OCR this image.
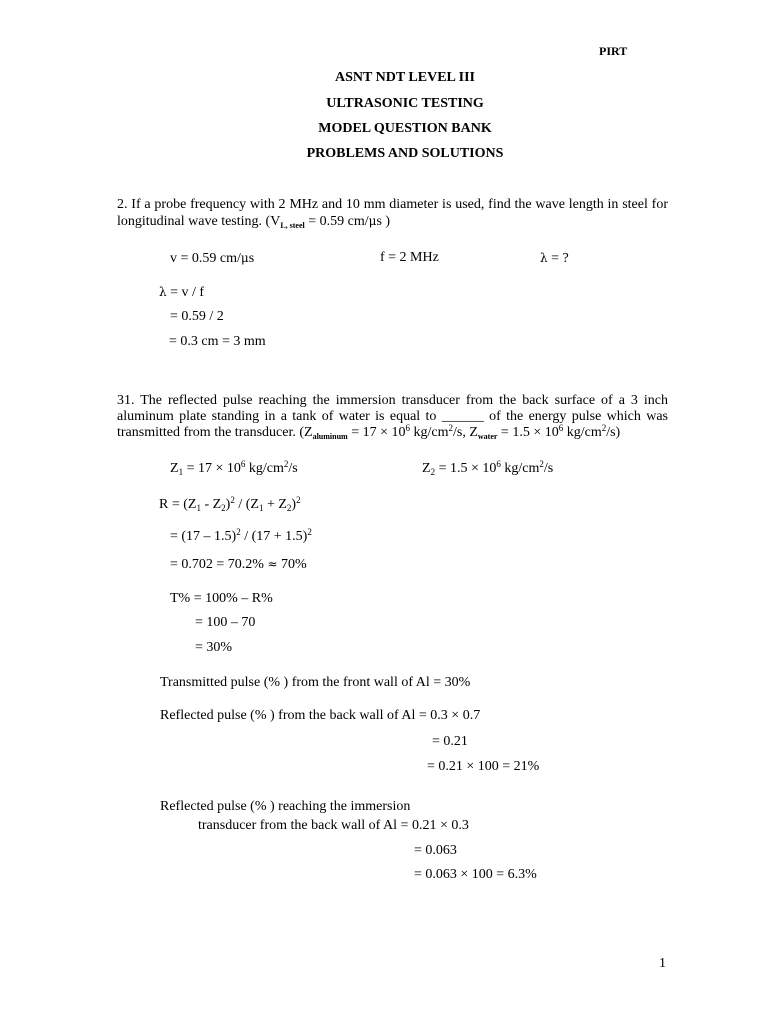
PIRT
ASNT NDT LEVEL III
ULTRASONIC TESTING
MODEL QUESTION BANK
PROBLEMS AND SOLUTIONS
2. If a probe frequency with 2 MHz and 10 mm diameter is used, find the wave length in steel for longitudinal wave testing. ($V_{L, steel} = 0.59$ cm/μs )
v = 0.59 cm/μs	f = 2 MHz	λ = ?
λ = v / f
= 0.59 / 2
= 0.3 cm = 3 mm
31. The reflected pulse reaching the immersion transducer from the back surface of a 3 inch aluminum plate standing in a tank of water is equal to ______ of the energy pulse which was transmitted from the transducer. ($Z_{aluminum} = 17 \times 10^6$ $kg/cm^2/s$, $Z_{water} = 1.5 \times 10^6$ $kg/cm^2/s$)
$Z_1 = 17 \times 10^6$ $kg/cm^2/s$	$Z_2 = 1.5 \times 10^6$ $kg/cm^2/s$
$R = (Z_1 - Z_2)^2 / (Z_1 + Z_2)^2$
= $(17 - 1.5)^2 / (17 + 1.5)^2$
= 0.702 = 70.2% ≈ 70%
T% = 100% – R%
= 100 – 70
= 30%
Transmitted pulse (% ) from the front wall of Al = 30%
Reflected pulse (% ) from the back wall of Al = 0.3 × 0.7
= 0.21
= 0.21 × 100 = 21%
Reflected pulse (% ) reaching the immersion
transducer from the back wall of Al = 0.21 × 0.3
= 0.063
= 0.063 × 100 = 6.3%
1
